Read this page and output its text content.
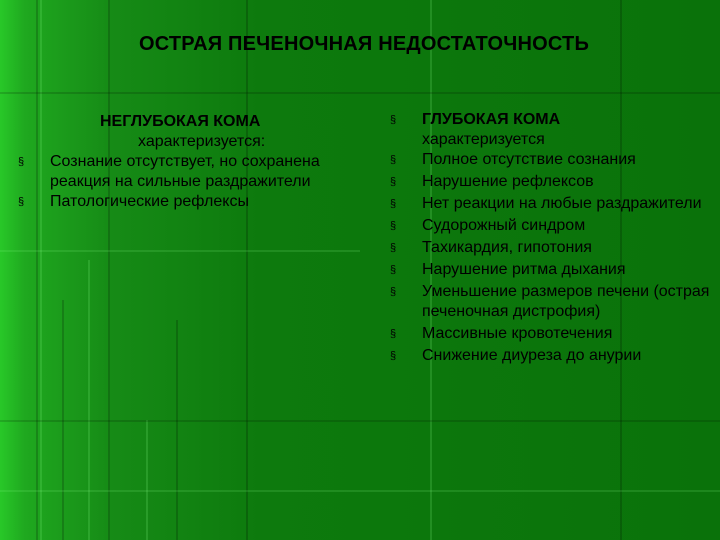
ОСТРАЯ ПЕЧЕНОЧНАЯ НЕДОСТАТОЧНОСТЬ
НЕГЛУБОКАЯ КОМА
характеризуется:
§	Сознание отсутствует, но сохранена реакция на сильные раздражители
§	Патологические рефлексы
§	ГЛУБОКАЯ КОМА
характеризуется
§	Полное отсутствие сознания
§	Нарушение рефлексов
§	Нет реакции на любые раздражители
§	Судорожный синдром
§	Тахикардия, гипотония
§	Нарушение ритма дыхания
§	Уменьшение размеров печени (острая печеночная дистрофия)
§	Массивные кровотечения
§	Снижение диуреза до анурии
